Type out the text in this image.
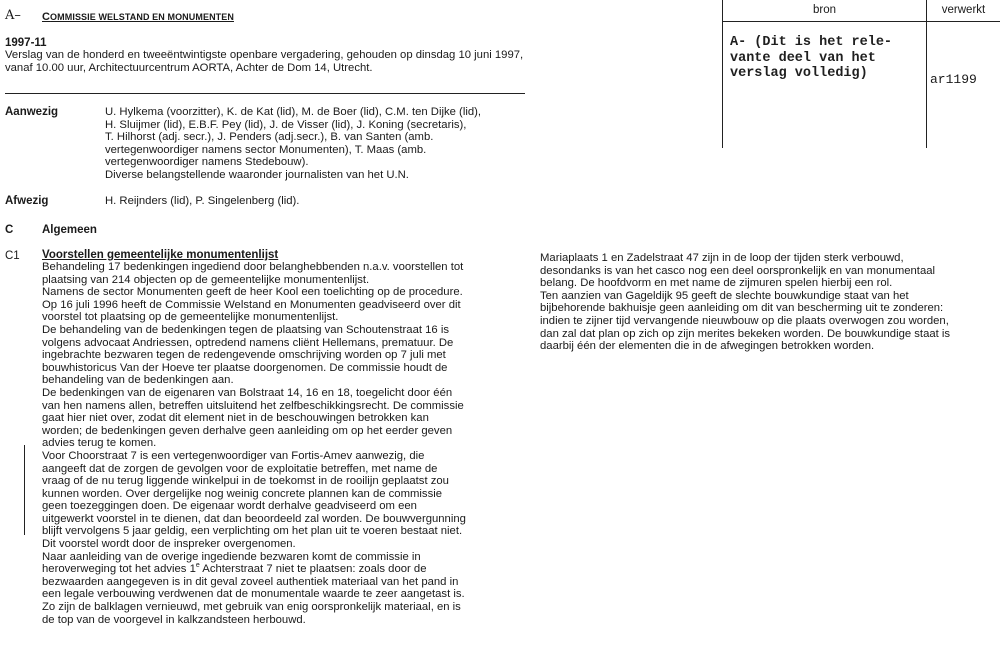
A– COMMISSIE WELSTAND EN MONUMENTEN
1997-11
Verslag van de honderd en tweeëntwintigste openbare vergadering, gehouden op dinsdag 10 juni 1997, vanaf 10.00 uur, Architectuurcentrum AORTA, Achter de Dom 14, Utrecht.
Aanwezig	U. Hylkema (voorzitter), K. de Kat (lid), M. de Boer (lid), C.M. ten Dijke (lid),
H. Sluijmer (lid), E.B.F. Pey (lid), J. de Visser (lid), J. Koning (secretaris),
T. Hilhorst (adj. secr.), J. Penders (adj.secr.), B. van Santen (amb.
vertegenwoordiger namens sector Monumenten), T. Maas (amb.
vertegenwoordiger namens Stedebouw).
Diverse belangstellende waaronder journalisten van het U.N.
Afwezig	H. Reijnders (lid), P. Singelenberg (lid).
C Algemeen
C1 Voorstellen gemeentelijke monumentenlijst

Behandeling 17 bedenkingen ingediend door belanghebbenden n.a.v. voorstellen tot

plaatsing van 214 objecten op de gemeentelijke monumentenlijst.

Namens de sector Monumenten geeft de heer Kool een toelichting op de procedure.

Op 16 juli 1996 heeft de Commissie Welstand en Monumenten geadviseerd over dit

voorstel tot plaatsing op de gemeentelijke monumentenlijst.

De behandeling van de bedenkingen tegen de plaatsing van Schoutenstraat 16 is

volgens advocaat Andriessen, optredend namens cliënt Hellemans, prematuur. De

ingebrachte bezwaren tegen de redengevende omschrijving worden op 7 juli met

bouwhistoricus Van der Hoeve ter plaatse doorgenomen. De commissie houdt de

behandeling van de bedenkingen aan.

De bedenkingen van de eigenaren van Bolstraat 14, 16 en 18, toegelicht door één

van hen namens allen, betreffen uitsluitend het zelfbeschikkingsrecht. De commissie

gaat hier niet over, zodat dit element niet in de beschouwingen betrokken kan

worden; de bedenkingen geven derhalve geen aanleiding om op het eerder geven

advies terug te komen.

Voor Choorstraat 7 is een vertegenwoordiger van Fortis-Amev aanwezig, die

aangeeft dat de zorgen de gevolgen voor de exploitatie betreffen, met name de

vraag of de nu terug liggende winkelpui in de toekomst in de rooilijn geplaatst zou

kunnen worden. Over dergelijke nog weinig concrete plannen kan de commissie

geen toezeggingen doen. De eigenaar wordt derhalve geadviseerd om een

uitgewerkt voorstel in te dienen, dat dan beoordeeld zal worden. De bouwvergunning

blijft vervolgens 5 jaar geldig, een verplichting om het plan uit te voeren bestaat niet.

Dit voorstel wordt door de inspreker overgenomen.

Naar aanleiding van de overige ingediende bezwaren komt de commissie in

heroverweging tot het advies 1e Achterstraat 7 niet te plaatsen: zoals door de

bezwaarden aangegeven is in dit geval zoveel authentiek materiaal van het pand in

een legale verbouwing verdwenen dat de monumentale waarde te zeer aangetast is.

Zo zijn de balklagen vernieuwd, met gebruik van enig oorspronkelijk materiaal, en is

de top van de voorgevel in kalkzandsteen herbouwd.

Mariaplaats 1 en Zadelstraat 47 zijn in de loop der tijden sterk verbouwd,

desondanks is van het casco nog een deel oorspronkelijk en van monumentaal

belang. De hoofdvorm en met name de zijmuren spelen hierbij een rol.

Ten aanzien van Gageldijk 95 geeft de slechte bouwkundige staat van het

bijbehorende bakhuisje geen aanleiding om dit van bescherming uit te zonderen:

indien te zijner tijd vervangende nieuwbouw op die plaats overwogen zou worden,

dan zal dat plan op zich op zijn merites bekeken worden. De bouwkundige staat is

daarbij één der elementen die in de afwegingen betrokken worden.

bron	verwerkt
A- (Dit is het rele-
vante deel van het
verslag volledig)	ar1199
